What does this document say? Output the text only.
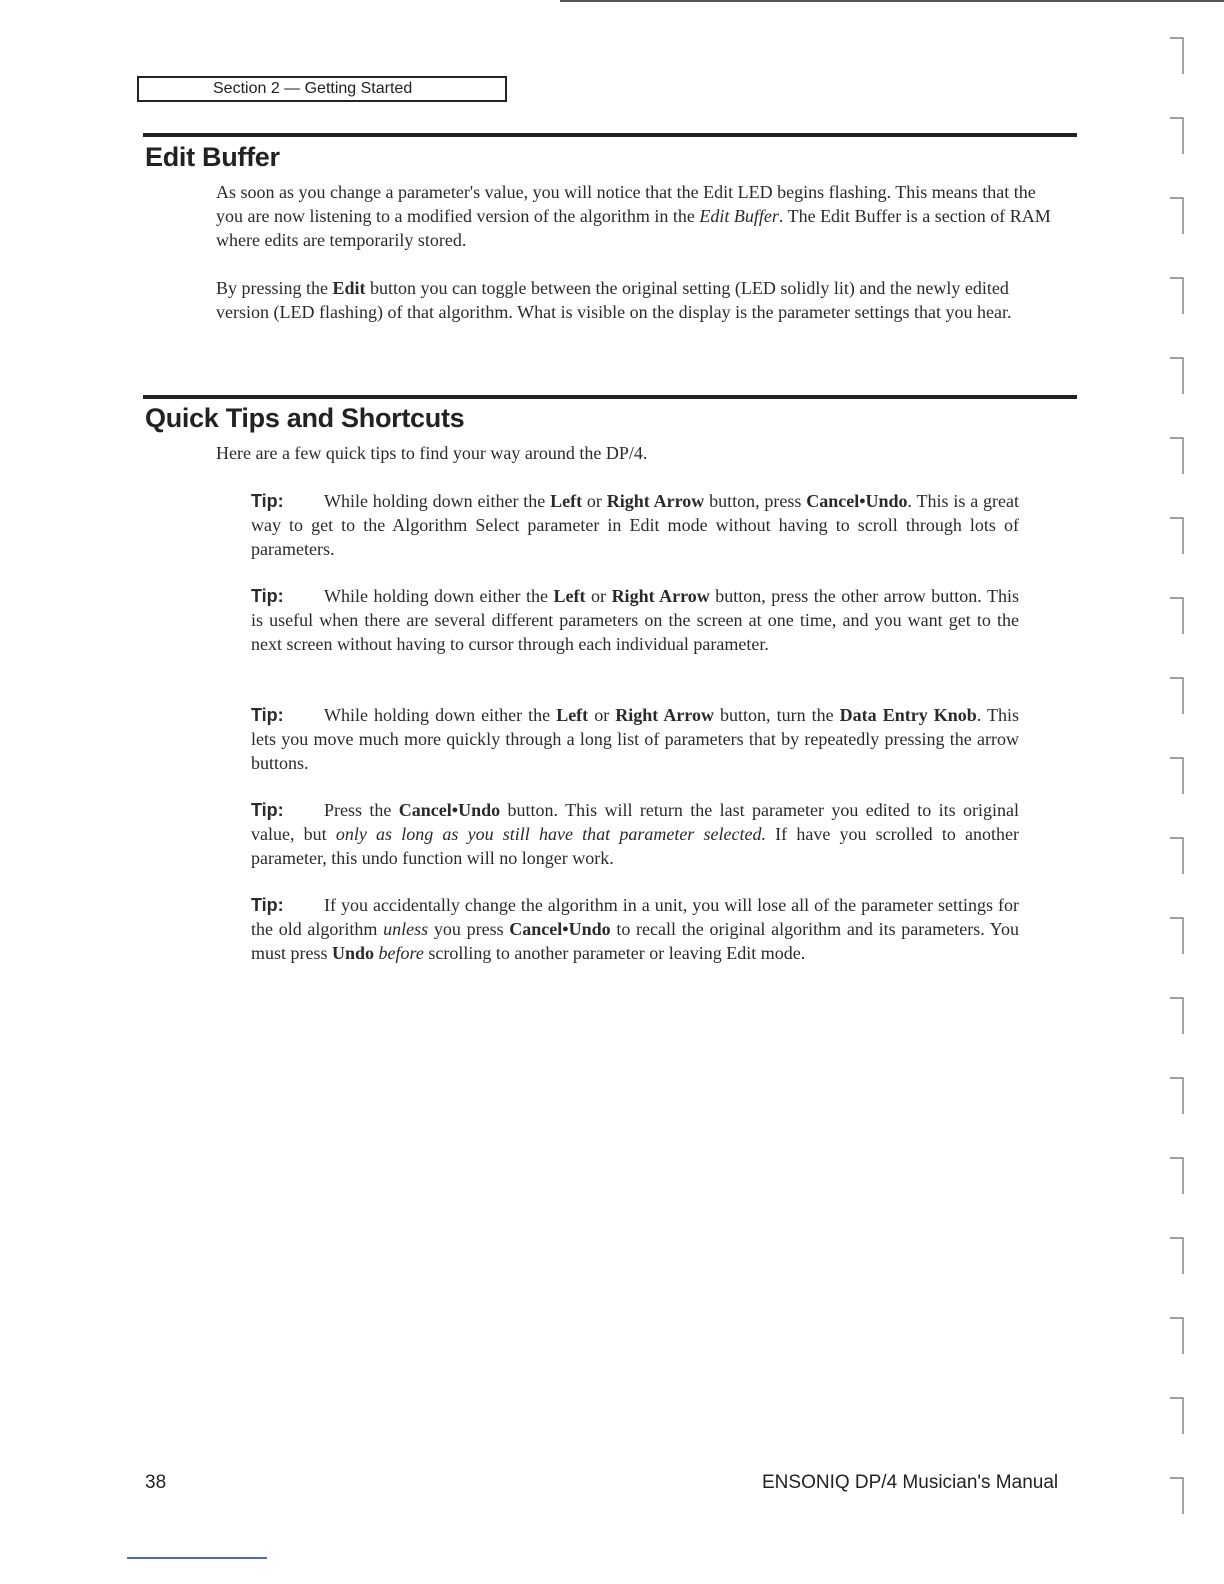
Section 2 — Getting Started
Edit Buffer

As soon as you change a parameter's value, you will notice that the Edit LED begins flashing. This means that the you are now listening to a modified version of the algorithm in the Edit Buffer. The Edit Buffer is a section of RAM where edits are temporarily stored.

By pressing the Edit button you can toggle between the original setting (LED solidly lit) and the newly edited version (LED flashing) of that algorithm. What is visible on the display is the parameter settings that you hear.

Quick Tips and Shortcuts

Here are a few quick tips to find your way around the DP/4.

Tip: While holding down either the Left or Right Arrow button, press Cancel•Undo. This is a great way to get to the Algorithm Select parameter in Edit mode without having to scroll through lots of parameters.

Tip: While holding down either the Left or Right Arrow button, press the other arrow button. This is useful when there are several different parameters on the screen at one time, and you want get to the next screen without having to cursor through each individual parameter.

Tip: While holding down either the Left or Right Arrow button, turn the Data Entry Knob. This lets you move much more quickly through a long list of parameters that by repeatedly pressing the arrow buttons.

Tip: Press the Cancel•Undo button. This will return the last parameter you edited to its original value, but only as long as you still have that parameter selected. If have you scrolled to another parameter, this undo function will no longer work.

Tip: If you accidentally change the algorithm in a unit, you will lose all of the parameter settings for the old algorithm unless you press Cancel•Undo to recall the original algorithm and its parameters. You must press Undo before scrolling to another parameter or leaving Edit mode.

38	ENSONIQ DP/4 Musician's Manual
